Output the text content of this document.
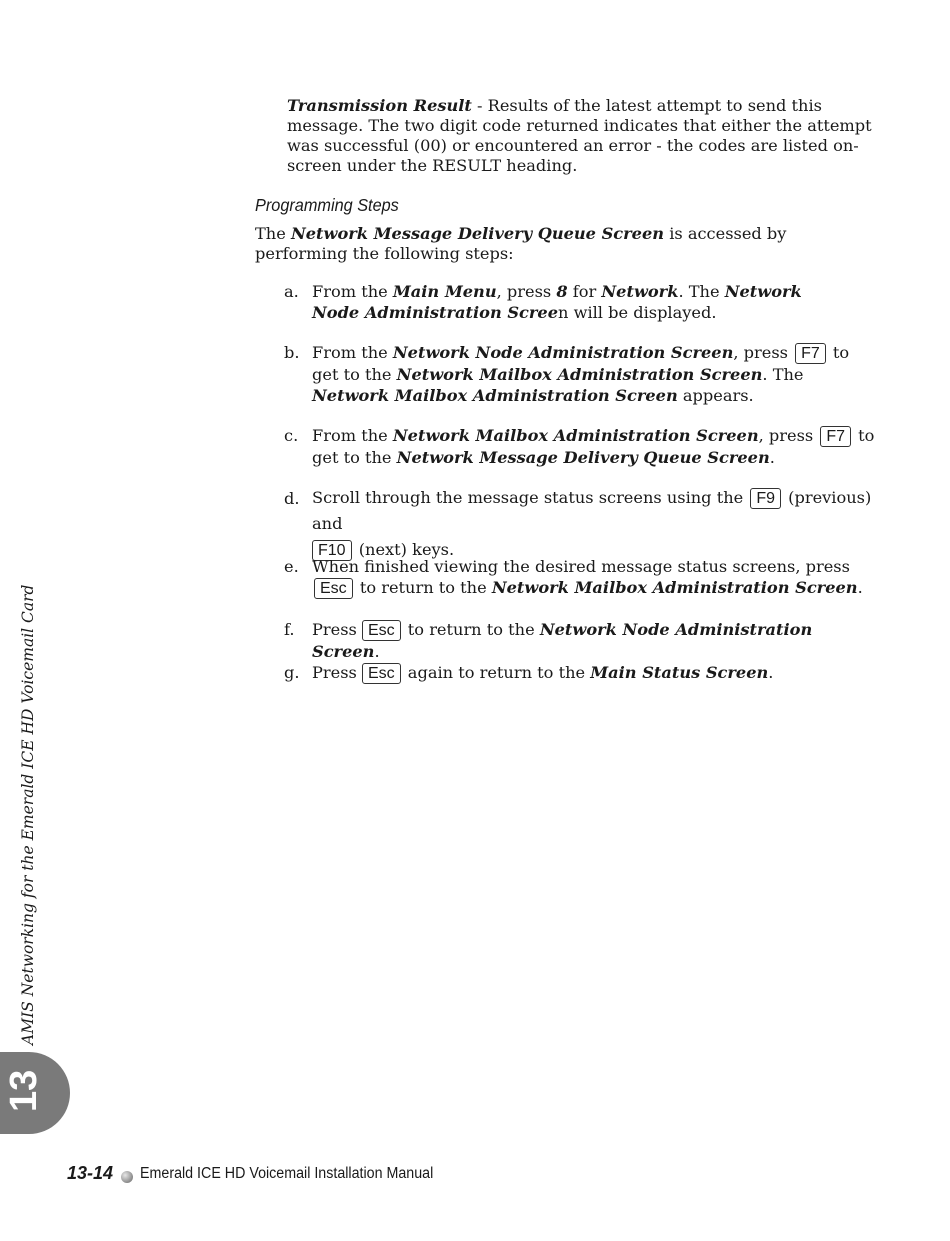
Transmission Result - Results of the latest attempt to send this message. The two digit code returned indicates that either the attempt was successful (00) or encountered an error - the codes are listed on-screen under the RESULT heading.
Programming Steps
The Network Message Delivery Queue Screen is accessed by performing the following steps:
a. From the Main Menu, press 8 for Network. The Network Node Administration Screen will be displayed.
b. From the Network Node Administration Screen, press F7 to get to the Network Mailbox Administration Screen. The Network Mailbox Administration Screen appears.
c. From the Network Mailbox Administration Screen, press F7 to get to the Network Message Delivery Queue Screen.
d. Scroll through the message status screens using the F9 (previous) and
F10 (next) keys.
e. When finished viewing the desired message status screens, press Esc to return to the Network Mailbox Administration Screen.
f. Press Esc to return to the Network Node Administration Screen.
g. Press Esc again to return to the Main Status Screen.
AMIS Networking for the Emerald ICE HD Voicemail Card
13
13-14 Emerald ICE HD Voicemail Installation Manual
